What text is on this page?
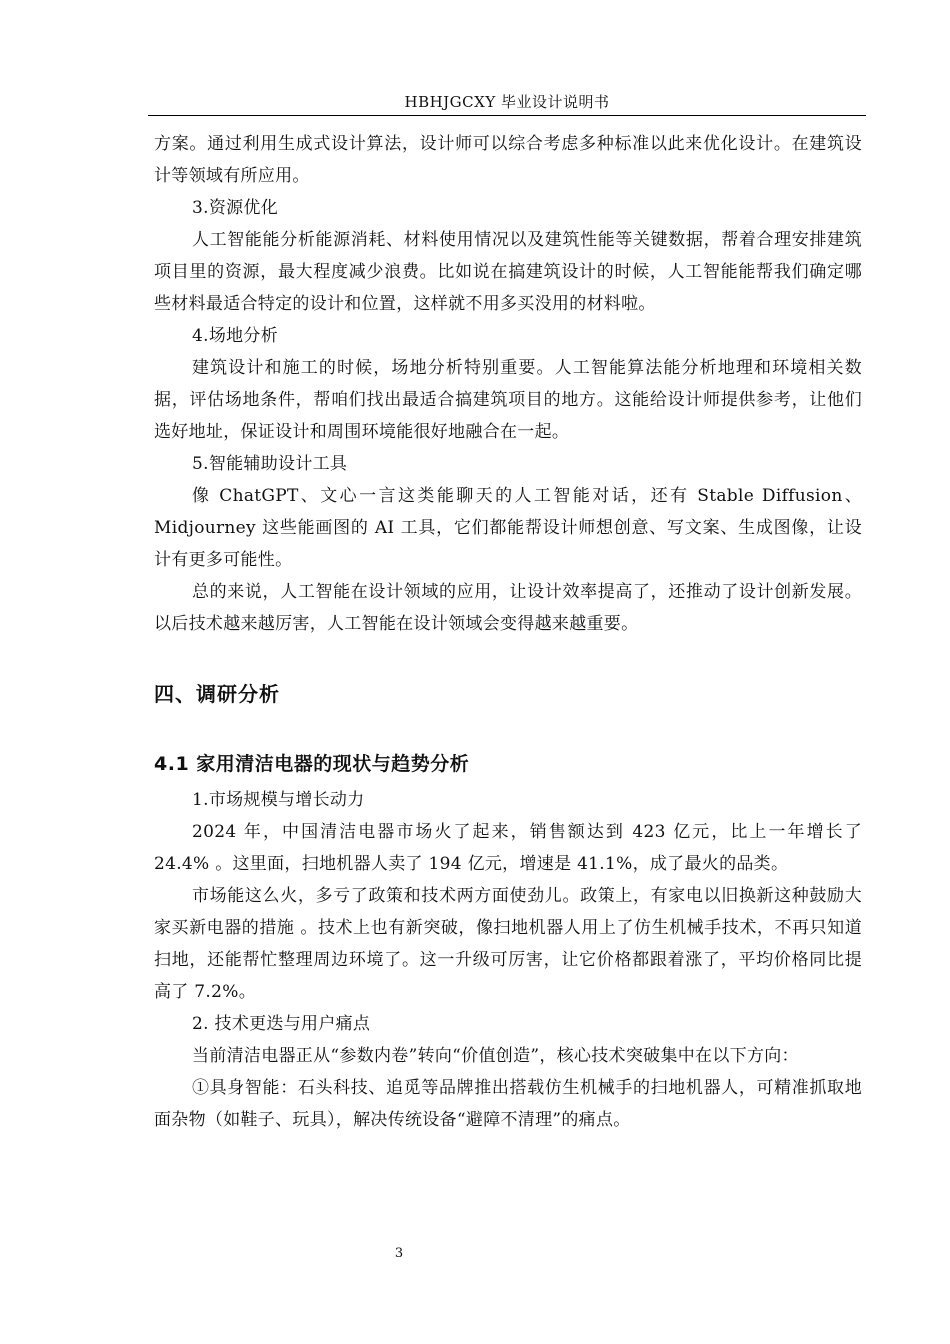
HBHJGCXY 毕业设计说明书

方案。通过利用生成式设计算法，设计师可以综合考虑多种标准以此来优化设计。在建筑设计等领域有所应用。

3.资源优化

人工智能能分析能源消耗、材料使用情况以及建筑性能等关键数据，帮着合理安排建筑项目里的资源，最大程度减少浪费。比如说在搞建筑设计的时候，人工智能能帮我们确定哪些材料最适合特定的设计和位置，这样就不用多买没用的材料啦。

4.场地分析

建筑设计和施工的时候，场地分析特别重要。人工智能算法能分析地理和环境相关数据，评估场地条件，帮咱们找出最适合搞建筑项目的地方。这能给设计师提供参考，让他们选好地址，保证设计和周围环境能很好地融合在一起。

5.智能辅助设计工具

像 ChatGPT、文心一言这类能聊天的人工智能对话，还有 Stable Diffusion、Midjourney 这些能画图的 AI 工具，它们都能帮设计师想创意、写文案、生成图像，让设计有更多可能性。

总的来说，人工智能在设计领域的应用，让设计效率提高了，还推动了设计创新发展。以后技术越来越厉害，人工智能在设计领域会变得越来越重要。

四、调研分析
4.1 家用清洁电器的现状与趋势分析

1.市场规模与增长动力

2024 年，中国清洁电器市场火了起来，销售额达到 423 亿元，比上一年增长了 24.4% 。这里面，扫地机器人卖了 194 亿元，增速是 41.1%，成了最火的品类。

市场能这么火，多亏了政策和技术两方面使劲儿。政策上，有家电以旧换新这种鼓励大家买新电器的措施 。技术上也有新突破，像扫地机器人用上了仿生机械手技术，不再只知道扫地，还能帮忙整理周边环境了。这一升级可厉害，让它价格都跟着涨了，平均价格同比提高了 7.2%。

2. 技术更迭与用户痛点

当前清洁电器正从“参数内卷”转向“价值创造”，核心技术突破集中在以下方向：

①具身智能：石头科技、追觅等品牌推出搭载仿生机械手的扫地机器人，可精准抓取地面杂物（如鞋子、玩具），解决传统设备“避障不清理”的痛点。

3
